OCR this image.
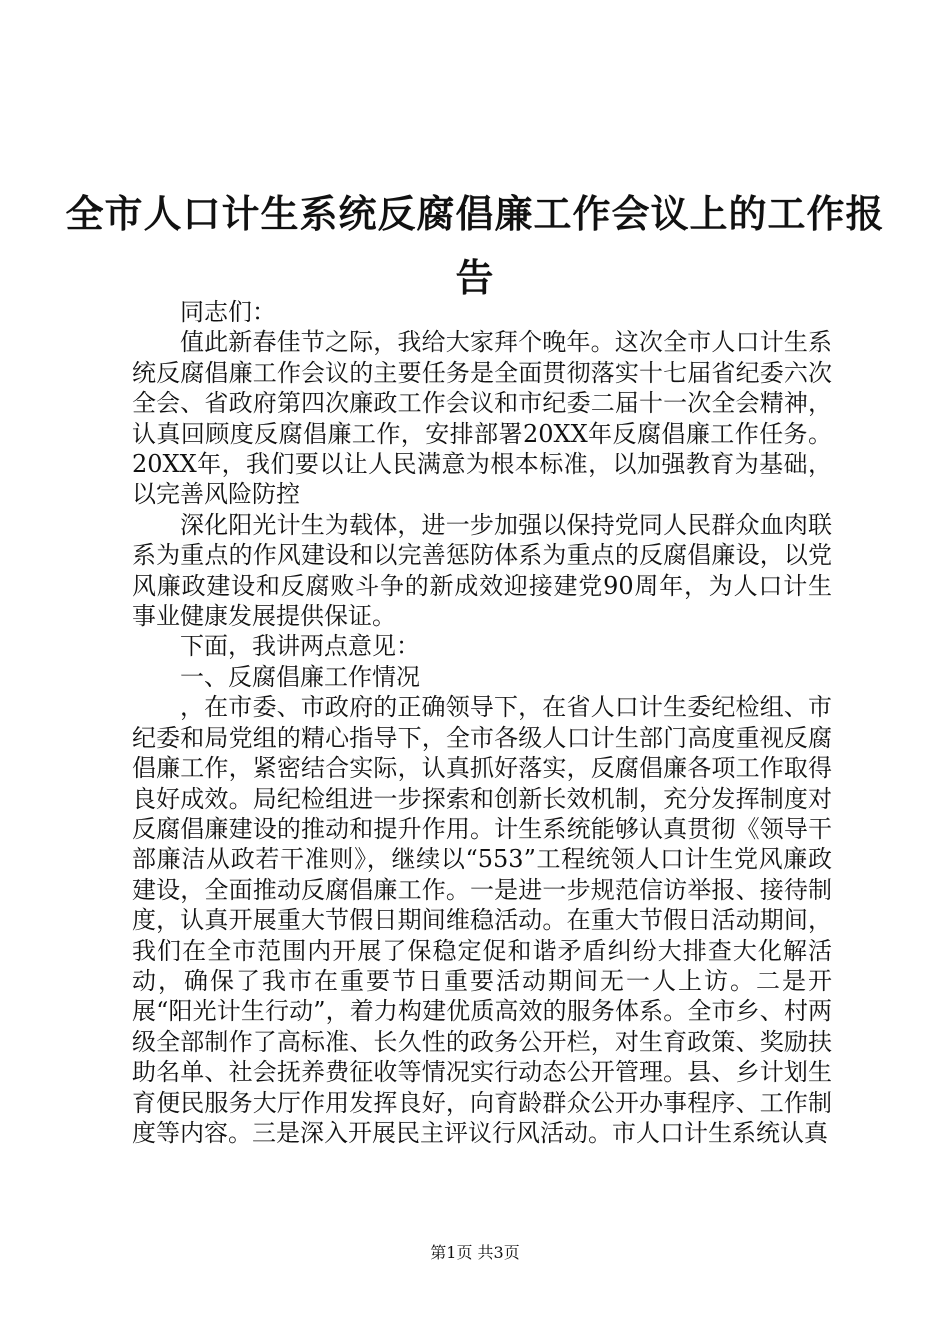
全市人口计生系统反腐倡廉工作会议上的工作报告

同志们：

值此新春佳节之际，我给大家拜个晚年。这次全市人口计生系统反腐倡廉工作会议的主要任务是全面贯彻落实十七届省纪委六次全会、省政府第四次廉政工作会议和市纪委二届十一次全会精神，认真回顾度反腐倡廉工作，安排部署20XX年反腐倡廉工作任务。20XX年，我们要以让人民满意为根本标准，以加强教育为基础，以完善风险防控

深化阳光计生为载体，进一步加强以保持党同人民群众血肉联系为重点的作风建设和以完善惩防体系为重点的反腐倡廉设，以党风廉政建设和反腐败斗争的新成效迎接建党90周年，为人口计生事业健康发展提供保证。

下面，我讲两点意见：

一、反腐倡廉工作情况

，在市委、市政府的正确领导下，在省人口计生委纪检组、市纪委和局党组的精心指导下，全市各级人口计生部门高度重视反腐倡廉工作，紧密结合实际，认真抓好落实，反腐倡廉各项工作取得良好成效。局纪检组进一步探索和创新长效机制，充分发挥制度对反腐倡廉建设的推动和提升作用。计生系统能够认真贯彻《领导干部廉洁从政若干准则》，继续以“553”工程统领人口计生党风廉政建设，全面推动反腐倡廉工作。一是进一步规范信访举报、接待制度，认真开展重大节假日期间维稳活动。在重大节假日活动期间，我们在全市范围内开展了保稳定促和谐矛盾纠纷大排查大化解活动，确保了我市在重要节日重要活动期间无一人上访。二是开展“阳光计生行动”，着力构建优质高效的服务体系。全市乡、村两级全部制作了高标准、长久性的政务公开栏，对生育政策、奖励扶助名单、社会抚养费征收等情况实行动态公开管理。县、乡计划生育便民服务大厅作用发挥良好，向育龄群众公开办事程序、工作制度等内容。三是深入开展民主评议行风活动。市人口计生系统认真

第1页 共3页
